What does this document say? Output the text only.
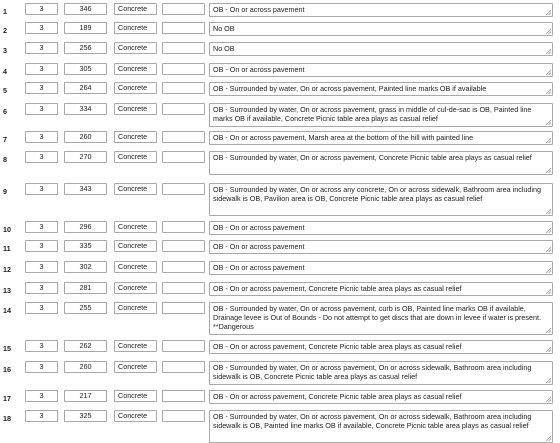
1	3	346	Concrete	OB - On or across pavement
2	3	189	Concrete	No OB
3	3	256	Concrete	No OB
4	3	305	Concrete	OB - On or across pavement
5	3	264	Concrete	OB - Surrounded by water, On or across pavement, Painted line marks OB if available
6	3	334	Concrete	OB - Surrounded by water, On or across pavement, grass in middle of cul-de-sac is OB, Painted line marks OB if available, Concrete Picnic table area plays as casual relief
7	3	260	Concrete	OB - On or across pavement, Marsh area at the bottom of the hill with painted line
8	3	270	Concrete	OB - Surrounded by water, On or across pavement, Concrete Picnic table area plays as casual relief
9	3	343	Concrete	OB - Surrounded by water, On or across any concrete, On or across sidewalk, Bathroom area including sidewalk is OB, Pavilion area is OB, Concrete Picnic table area plays as casual relief
10	3	296	Concrete	OB - On or across pavement
11	3	335	Concrete	OB - On or across pavement
12	3	302	Concrete	OB - On or across pavement
13	3	281	Concrete	OB - On or across pavement, Concrete Picnic table area plays as casual relief
14	3	255	Concrete	OB - Surrounded by water, On or across pavement, curb is OB, Painted line marks OB if available, Drainage levee is Out of Bounds - Do not attempt to get discs that are down in levee if water is present. **Dangerous
15	3	262	Concrete	OB - On or across pavement, Concrete Picnic table area plays as casual relief
16	3	260	Concrete	OB - Surrounded by water, On or across pavement, On or across sidewalk, Bathroom area including sidewalk is OB, Concrete Picnic table area plays as casual relief
17	3	217	Concrete	OB - On or across pavement, Concrete Picnic table area plays as casual relief
18	3	325	Concrete	OB - Surrounded by water, On or across pavement, On or across sidewalk, Bathroom area including sidewalk is OB, Painted line marks OB if available, Concrete Picnic table area plays as casual relief
